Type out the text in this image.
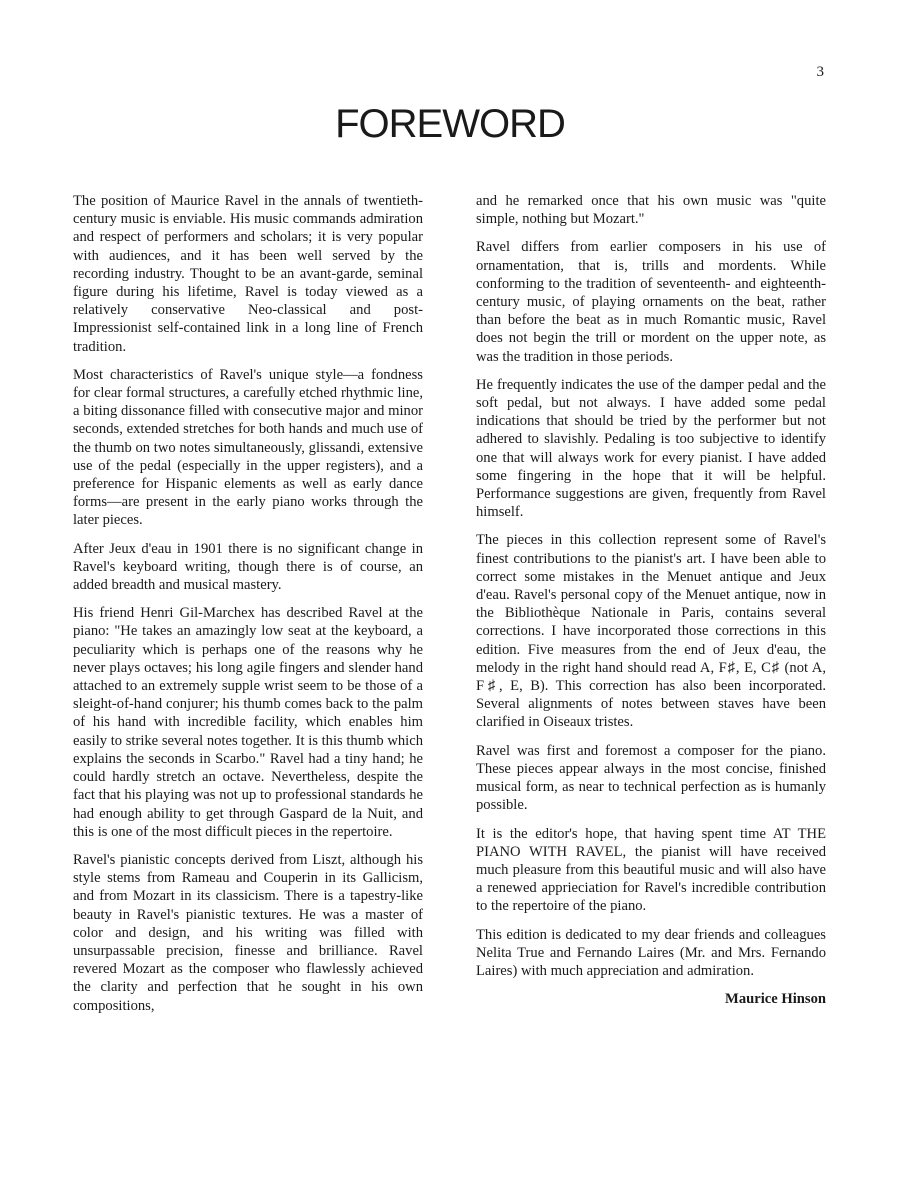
3
FOREWORD

The position of Maurice Ravel in the annals of twentieth-century music is enviable. His music commands admiration and respect of performers and scholars; it is very popular with audiences, and it has been well served by the recording industry. Thought to be an avant-garde, seminal figure during his lifetime, Ravel is today viewed as a relatively conservative Neo-classical and post-Impressionist self-contained link in a long line of French tradition.

Most characteristics of Ravel's unique style—a fondness for clear formal structures, a carefully etched rhythmic line, a biting dissonance filled with consecutive major and minor seconds, extended stretches for both hands and much use of the thumb on two notes simultaneously, glissandi, extensive use of the pedal (especially in the upper registers), and a preference for Hispanic elements as well as early dance forms—are present in the early piano works through the later pieces.

After Jeux d'eau in 1901 there is no significant change in Ravel's keyboard writing, though there is of course, an added breadth and musical mastery.

His friend Henri Gil-Marchex has described Ravel at the piano: "He takes an amazingly low seat at the keyboard, a peculiarity which is perhaps one of the reasons why he never plays octaves; his long agile fingers and slender hand attached to an extremely supple wrist seem to be those of a sleight-of-hand conjurer; his thumb comes back to the palm of his hand with incredible facility, which enables him easily to strike several notes together. It is this thumb which explains the seconds in Scarbo." Ravel had a tiny hand; he could hardly stretch an octave. Nevertheless, despite the fact that his playing was not up to professional standards he had enough ability to get through Gaspard de la Nuit, and this is one of the most difficult pieces in the repertoire.

Ravel's pianistic concepts derived from Liszt, although his style stems from Rameau and Couperin in its Gallicism, and from Mozart in its classicism. There is a tapestry-like beauty in Ravel's pianistic textures. He was a master of color and design, and his writing was filled with unsurpassable precision, finesse and brilliance. Ravel revered Mozart as the composer who flawlessly achieved the clarity and perfection that he sought in his own compositions,

and he remarked once that his own music was "quite simple, nothing but Mozart."

Ravel differs from earlier composers in his use of ornamentation, that is, trills and mordents. While conforming to the tradition of seventeenth- and eighteenth-century music, of playing ornaments on the beat, rather than before the beat as in much Romantic music, Ravel does not begin the trill or mordent on the upper note, as was the tradition in those periods.

He frequently indicates the use of the damper pedal and the soft pedal, but not always. I have added some pedal indications that should be tried by the performer but not adhered to slavishly. Pedaling is too subjective to identify one that will always work for every pianist. I have added some fingering in the hope that it will be helpful. Performance suggestions are given, frequently from Ravel himself.

The pieces in this collection represent some of Ravel's finest contributions to the pianist's art. I have been able to correct some mistakes in the Menuet antique and Jeux d'eau. Ravel's personal copy of the Menuet antique, now in the Bibliothèque Nationale in Paris, contains several corrections. I have incorporated those corrections in this edition. Five measures from the end of Jeux d'eau, the melody in the right hand should read A, F♯, E, C♯ (not A, F♯, E, B). This correction has also been incorporated. Several alignments of notes between staves have been clarified in Oiseaux tristes.

Ravel was first and foremost a composer for the piano. These pieces appear always in the most concise, finished musical form, as near to technical perfection as is humanly possible.

It is the editor's hope, that having spent time AT THE PIANO WITH RAVEL, the pianist will have received much pleasure from this beautiful music and will also have a renewed apprieciation for Ravel's incredible contribution to the repertoire of the piano.

This edition is dedicated to my dear friends and colleagues Nelita True and Fernando Laires (Mr. and Mrs. Fernando Laires) with much appreciation and admiration.

Maurice Hinson
